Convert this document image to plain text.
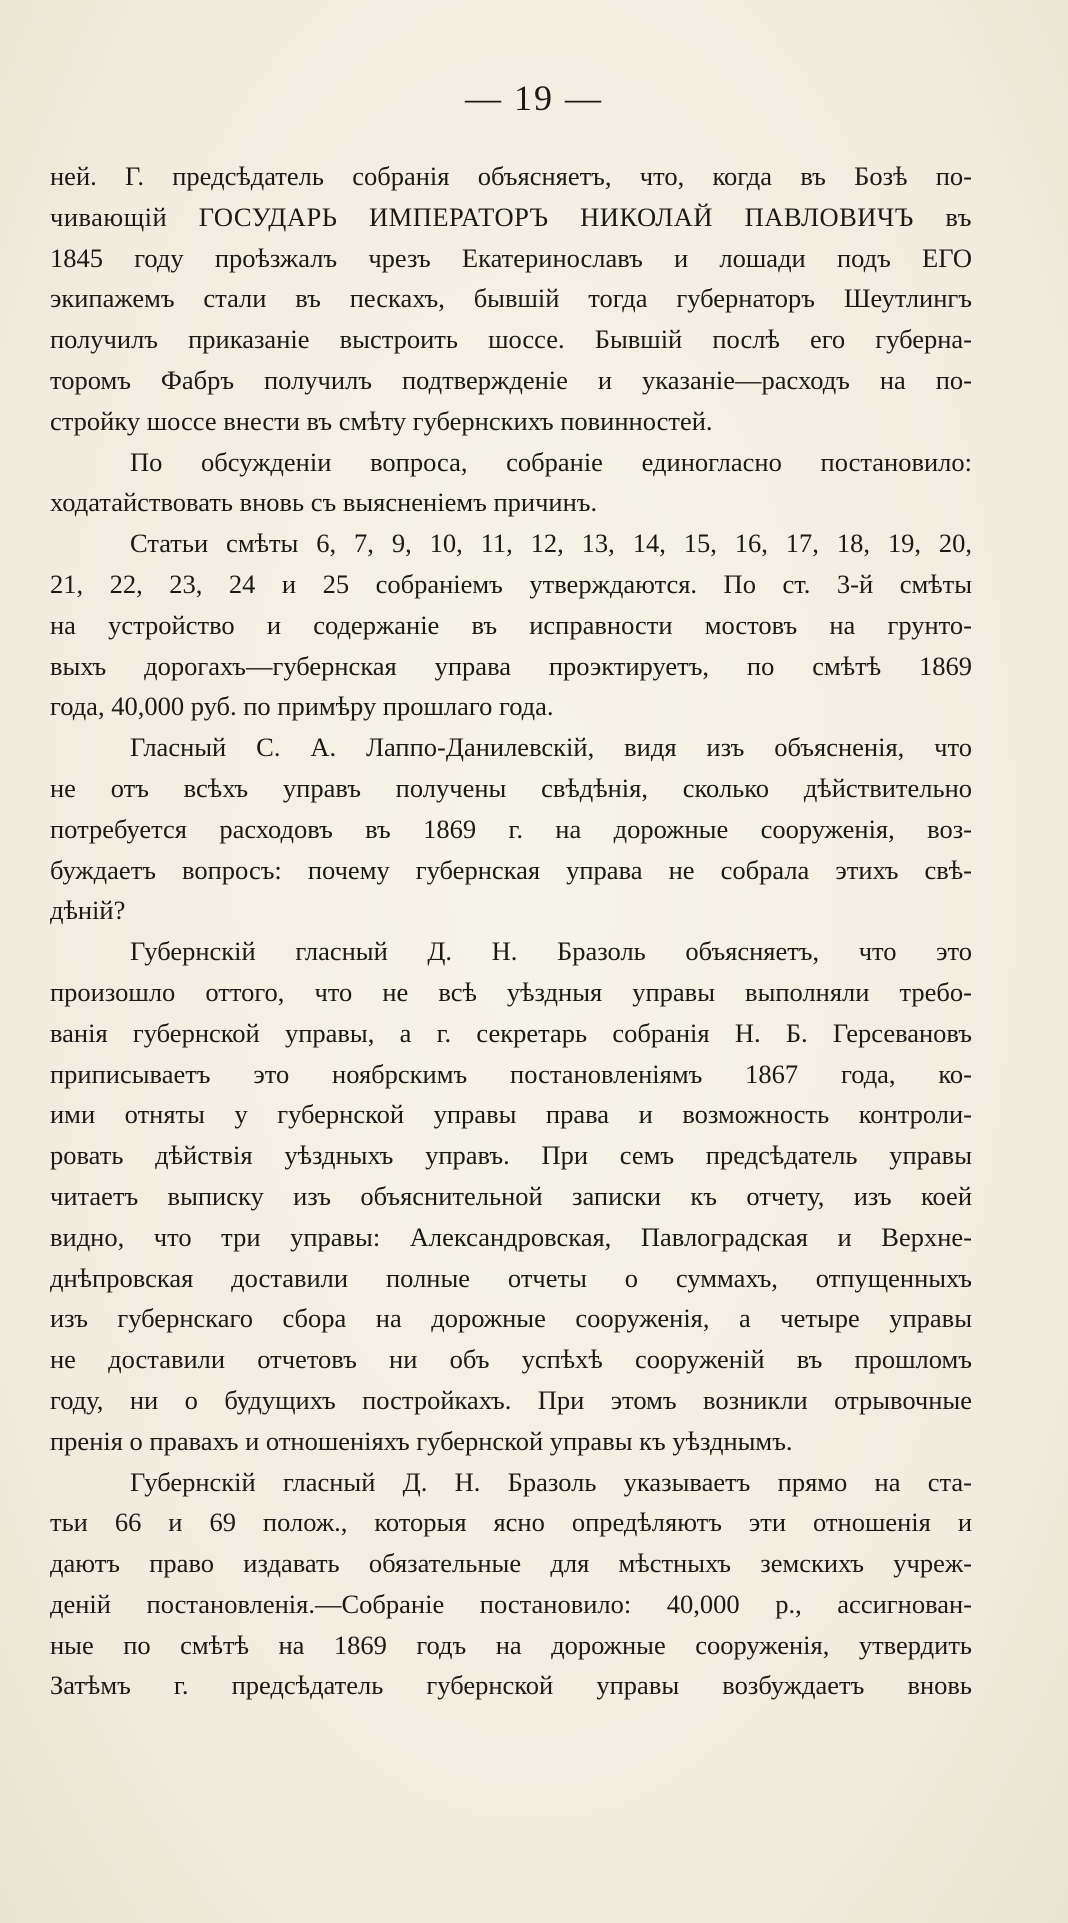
— 19 —

ней. Г. предсѣдатель собранія объясняетъ, что, когда въ Бозѣ по-

чивающій ГОСУДАРЬ ИМПЕРАТОРЪ НИКОЛАЙ ПАВЛОВИЧЪ въ

1845 году проѣзжалъ чрезъ Екатеринославъ и лошади подъ ЕГО

экипажемъ стали въ пескахъ, бывшій тогда губернаторъ Шеутлингъ

получилъ приказаніе выстроить шоссе. Бывшій послѣ его губерна-

торомъ Фабръ получилъ подтвержденіе и указаніе—расходъ на по-

стройку шоссе внести въ смѣту губернскихъ повинностей.

По обсужденіи вопроса, собраніе единогласно постановило:

ходатайствовать вновь съ выясненіемъ причинъ.

Статьи смѣты 6, 7, 9, 10, 11, 12, 13, 14, 15, 16, 17, 18, 19, 20,

21, 22, 23, 24 и 25 собраніемъ утверждаются. По ст. 3-й смѣты

на устройство и содержаніе въ исправности мостовъ на грунто-

выхъ дорогахъ—губернская управа проэктируетъ, по смѣтѣ 1869

года, 40,000 руб. по примѣру прошлаго года.

Гласный С. А. Лаппо-Данилевскій, видя изъ объясненія, что

не отъ всѣхъ управъ получены свѣдѣнія, сколько дѣйствительно

потребуется расходовъ въ 1869 г. на дорожные сооруженія, воз-

буждаетъ вопросъ: почему губернская управа не собрала этихъ свѣ-

дѣній?

Губернскій гласный Д. Н. Бразоль объясняетъ, что это

произошло оттого, что не всѣ уѣздныя управы выполняли требо-

ванія губернской управы, а г. секретарь собранія Н. Б. Герсевановъ

приписываетъ это ноябрскимъ постановленіямъ 1867 года, ко-

ими отняты у губернской управы права и возможность контроли-

ровать дѣйствія уѣздныхъ управъ. При семъ предсѣдатель управы

читаетъ выписку изъ объяснительной записки къ отчету, изъ коей

видно, что три управы: Александровская, Павлоградская и Верхне-

днѣпровская доставили полные отчеты о суммахъ, отпущенныхъ

изъ губернскаго сбора на дорожные сооруженія, а четыре управы

не доставили отчетовъ ни объ успѣхѣ сооруженій въ прошломъ

году, ни о будущихъ постройкахъ. При этомъ возникли отрывочные

пренія о правахъ и отношеніяхъ губернской управы къ уѣзднымъ.

Губернскій гласный Д. Н. Бразоль указываетъ прямо на ста-

тьи 66 и 69 полож., которыя ясно опредѣляютъ эти отношенія и

даютъ право издавать обязательные для мѣстныхъ земскихъ учреж-

деній постановленія.—Собраніе постановило: 40,000 р., ассигнован-

ные по смѣтѣ на 1869 годъ на дорожные сооруженія, утвердить

Затѣмъ г. предсѣдатель губернской управы возбуждаетъ вновь
